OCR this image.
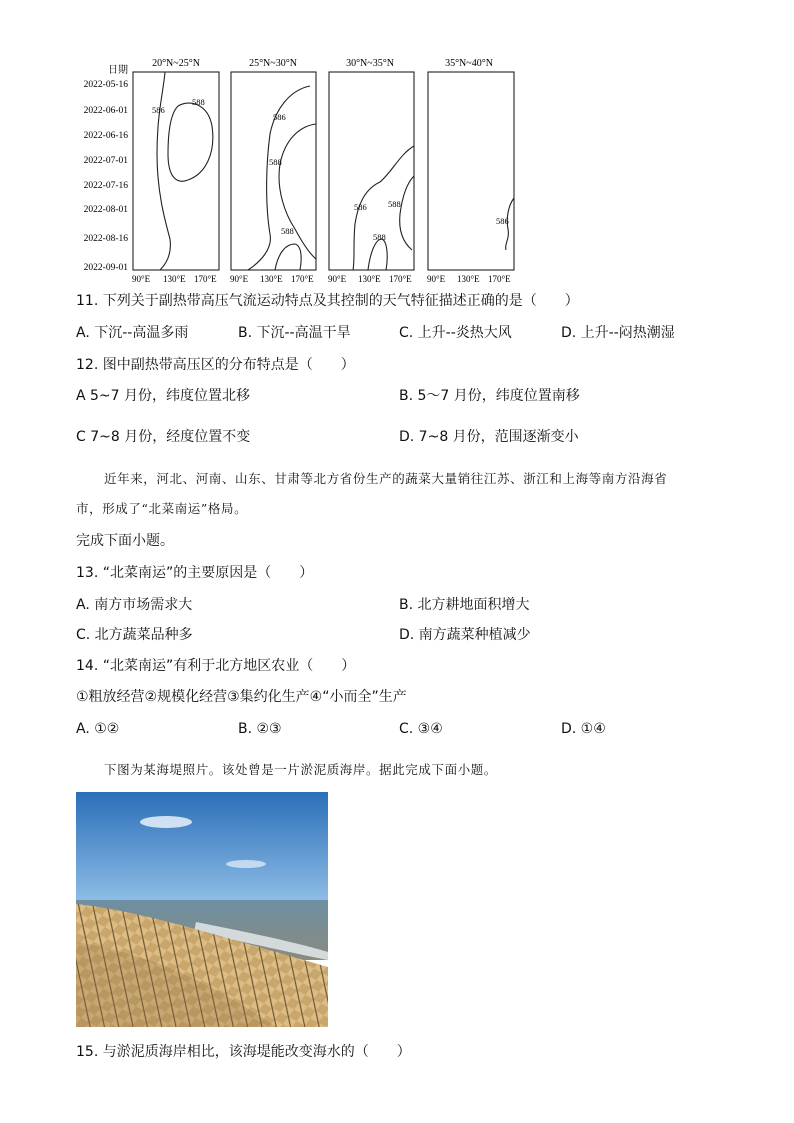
日期
2022-05-16
2022-06-01
2022-06-16
2022-07-01
2022-07-16
2022-08-01
2022-08-16
2022-09-01
20°N~25°N
586
588
90°E 130°E 170°E
25°N~30°N
586
588
588
90°E 130°E 170°E
30°N~35°N
586	588
588
90°E 130°E 170°E
35°N~40°N
586
90°E 130°E 170°E
11. 下列关于副热带高压气流运动特点及其控制的天气特征描述正确的是（　　）
A. 下沉--高温多雨	B. 下沉--高温干旱	C. 上升--炎热大风	D. 上升--闷热潮湿
12. 图中副热带高压区的分布特点是（　　）
A 5~7 月份，纬度位置北移	B. 5～7 月份，纬度位置南移
C 7~8 月份，经度位置不变	D. 7~8 月份，范围逐渐变小
近年来，河北、河南、山东、甘肃等北方省份生产的蔬菜大量销往江苏、浙江和上海等南方沿海省
市，形成了“北菜南运”格局。
完成下面小题。
13. “北菜南运”的主要原因是（　　）
A. 南方市场需求大	B. 北方耕地面积增大
C. 北方蔬菜品种多	D. 南方蔬菜种植减少
14. “北菜南运”有利于北方地区农业（　　）
①粗放经营②规模化经营③集约化生产④“小而全”生产
A. ①②	B. ②③	C. ③④	D. ①④
下图为某海堤照片。该处曾是一片淤泥质海岸。据此完成下面小题。
15. 与淤泥质海岸相比，该海堤能改变海水的（　　）
